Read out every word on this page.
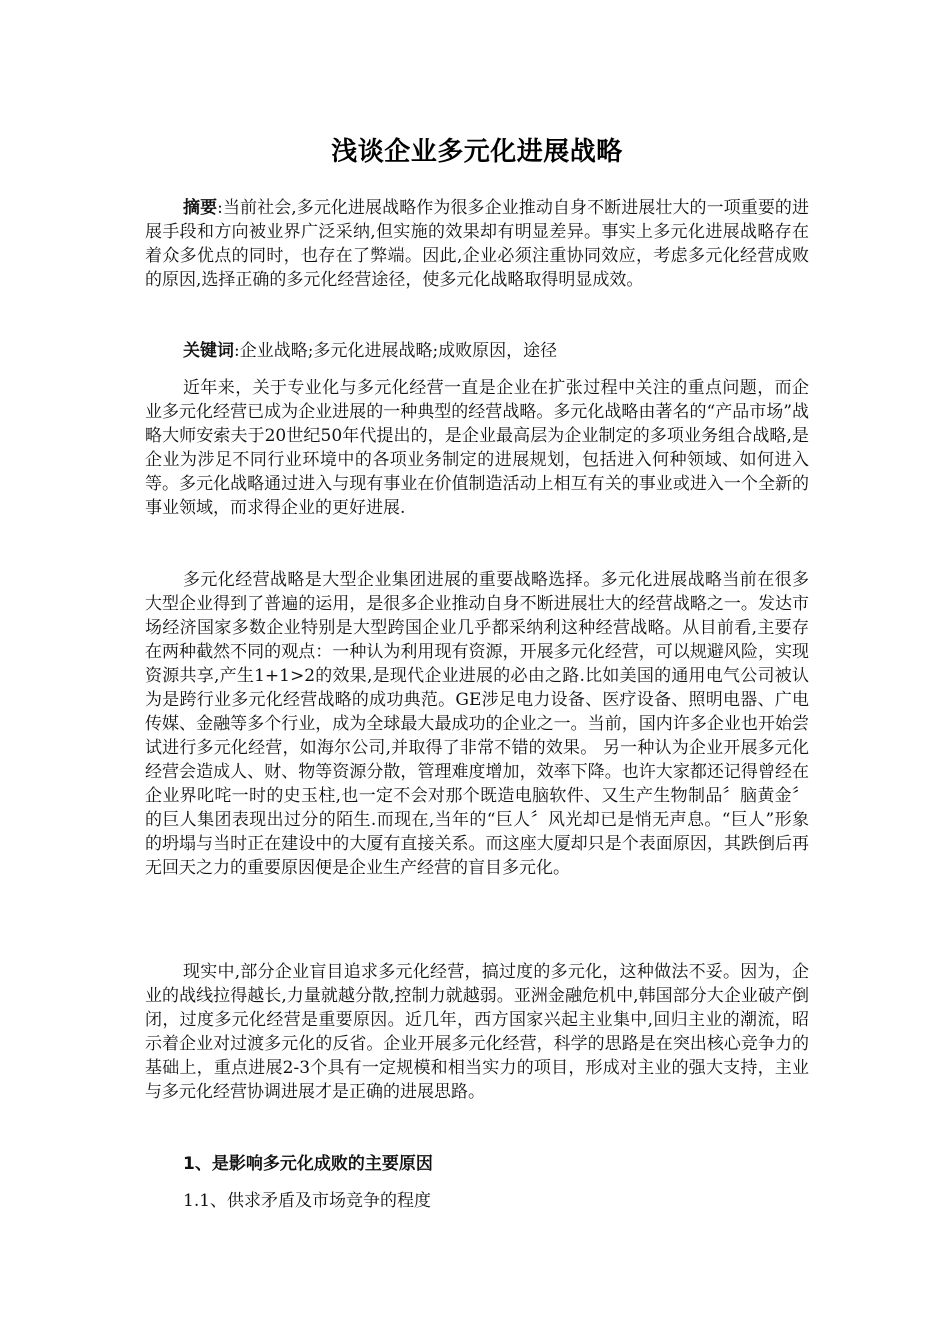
浅谈企业多元化进展战略

摘要:当前社会,多元化进展战略作为很多企业推动自身不断进展壮大的一项重要的进展手段和方向被业界广泛采纳,但实施的效果却有明显差异。事实上多元化进展战略存在着众多优点的同时，也存在了弊端。因此,企业必须注重协同效应，考虑多元化经营成败的原因,选择正确的多元化经营途径，使多元化战略取得明显成效。

关键词:企业战略;多元化进展战略;成败原因，途径

近年来，关于专业化与多元化经营一直是企业在扩张过程中关注的重点问题，而企业多元化经营已成为企业进展的一种典型的经营战略。多元化战略由著名的“产品市场”战略大师安索夫于20世纪50年代提出的，是企业最高层为企业制定的多项业务组合战略,是企业为涉足不同行业环境中的各项业务制定的进展规划，包括进入何种领域、如何进入等。多元化战略通过进入与现有事业在价值制造活动上相互有关的事业或进入一个全新的事业领域，而求得企业的更好进展.

多元化经营战略是大型企业集团进展的重要战略选择。多元化进展战略当前在很多大型企业得到了普遍的运用，是很多企业推动自身不断进展壮大的经营战略之一。发达市场经济国家多数企业特别是大型跨国企业几乎都采纳利这种经营战略。从目前看,主要存在两种截然不同的观点：一种认为利用现有资源，开展多元化经营，可以规避风险，实现资源共享,产生1+1>2的效果,是现代企业进展的必由之路.比如美国的通用电气公司被认为是跨行业多元化经营战略的成功典范。GE涉足电力设备、医疗设备、照明电器、广电传媒、金融等多个行业，成为全球最大最成功的企业之一。当前，国内许多企业也开始尝试进行多元化经营，如海尔公司,并取得了非常不错的效果。 另一种认为企业开展多元化经营会造成人、财、物等资源分散，管理难度增加，效率下降。也许大家都还记得曾经在企业界叱咤一时的史玉柱,也一定不会对那个既造电脑软件、又生产生物制品〞脑黄金〞的巨人集团表现出过分的陌生.而现在,当年的“巨人〞风光却已是悄无声息。“巨人”形象的坍塌与当时正在建设中的大厦有直接关系。而这座大厦却只是个表面原因，其跌倒后再无回天之力的重要原因便是企业生产经营的盲目多元化。

现实中,部分企业盲目追求多元化经营，搞过度的多元化，这种做法不妥。因为，企业的战线拉得越长,力量就越分散,控制力就越弱。亚洲金融危机中,韩国部分大企业破产倒闭，过度多元化经营是重要原因。近几年，西方国家兴起主业集中,回归主业的潮流，昭示着企业对过渡多元化的反省。企业开展多元化经营，科学的思路是在突出核心竞争力的基础上，重点进展2-3个具有一定规模和相当实力的项目，形成对主业的强大支持，主业与多元化经营协调进展才是正确的进展思路。

1、是影响多元化成败的主要原因

1.1、供求矛盾及市场竞争的程度
